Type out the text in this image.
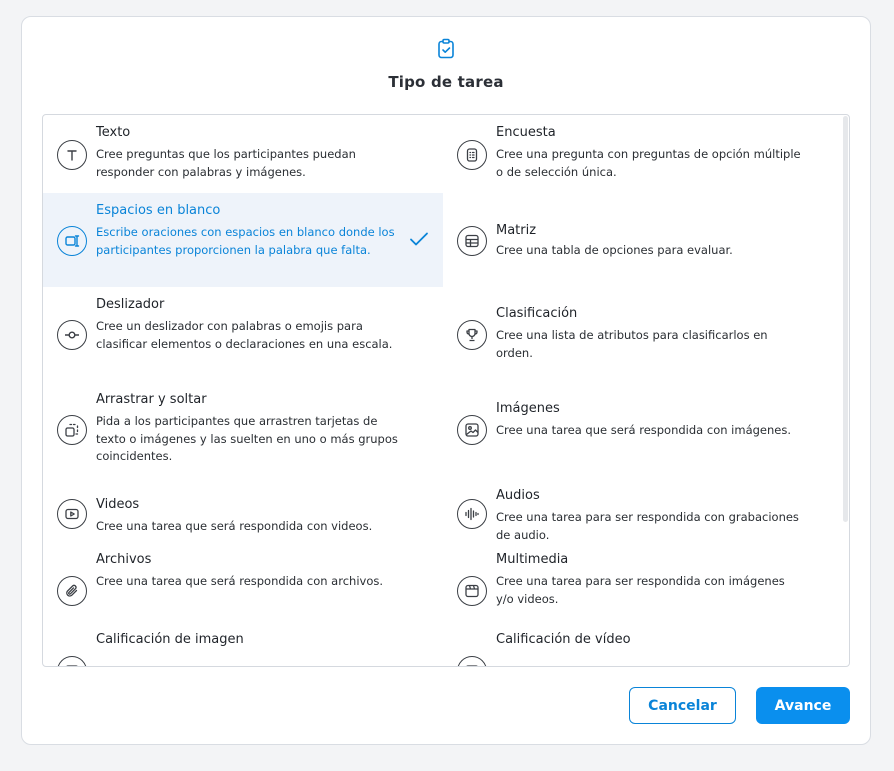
Tipo de tarea
Texto
Cree preguntas que los participantes puedan responder con palabras y imágenes.
Espacios en blanco
Escribe oraciones con espacios en blanco donde los participantes proporcionen la palabra que falta.
Deslizador
Cree un deslizador con palabras o emojis para clasificar elementos o declaraciones en una escala.
Arrastrar y soltar
Pida a los participantes que arrastren tarjetas de texto o imágenes y las suelten en uno o más grupos coincidentes.
Videos
Cree una tarea que será respondida con videos.
Archivos
Cree una tarea que será respondida con archivos.
Calificación de imagen
Encuesta
Cree una pregunta con preguntas de opción múltiple o de selección única.
Matriz
Cree una tabla de opciones para evaluar.
Clasificación
Cree una lista de atributos para clasificarlos en orden.
Imágenes
Cree una tarea que será respondida con imágenes.
Audios
Cree una tarea para ser respondida con grabaciones de audio.
Multimedia
Cree una tarea para ser respondida con imágenes y/o videos.
Calificación de vídeo
Cancelar	Avance
